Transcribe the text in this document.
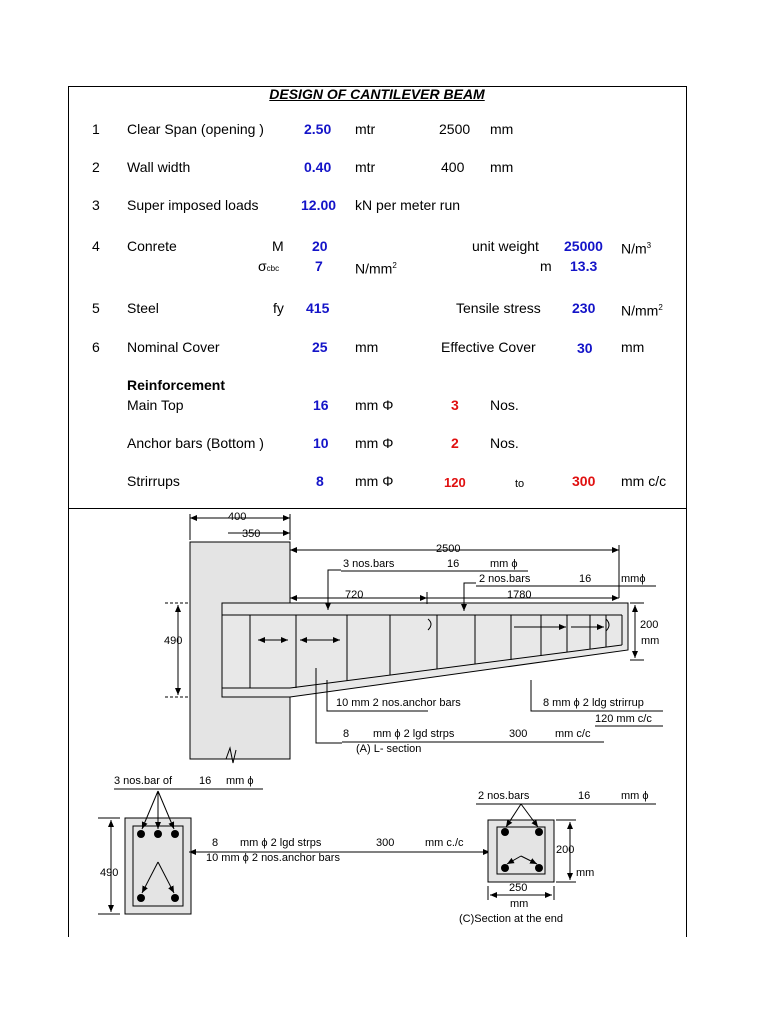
DESIGN OF CANTILEVER BEAM
1 Clear Span (opening )	2.50 mtr	2500 mm
2 Wall width	0.40 mtr	400 mm
3 Super imposed loads	12.00 kN per meter run
4 Conrete	M 20	unit weight 25000 $N/m^3$
σcbc	7 $N/mm^2$	m 13.3
5 Steel	fy 415	Tensile stress 230 $N/mm^2$
6 Nominal Cover	25 mm	Effective Cover	30 mm
Reinforcement
Main Top	16 mm Φ	3 Nos.
Anchor bars (Bottom )	10 mm Φ	2 Nos.
Strirrups	8 mm Φ	120	to	300 mm c/c
400
350
2500
3 nos.bars	16	mm ϕ
2 nos.bars	16	mmϕ
720	1780
490
200
mm
10 mm 2 nos.anchor bars	8 mm ϕ 2 ldg strirrup
120 mm c/c
8 mm ϕ 2 lgd strps	300	mm c/c
(A) L- section
3 nos.bar of 16 mm ϕ
490
8 mm ϕ 2 lgd strps	300	mm c./c
10 mm ϕ 2 nos.anchor bars
2 nos.bars	16	mm ϕ
200
mm
250
mm
(C)Section at the end
